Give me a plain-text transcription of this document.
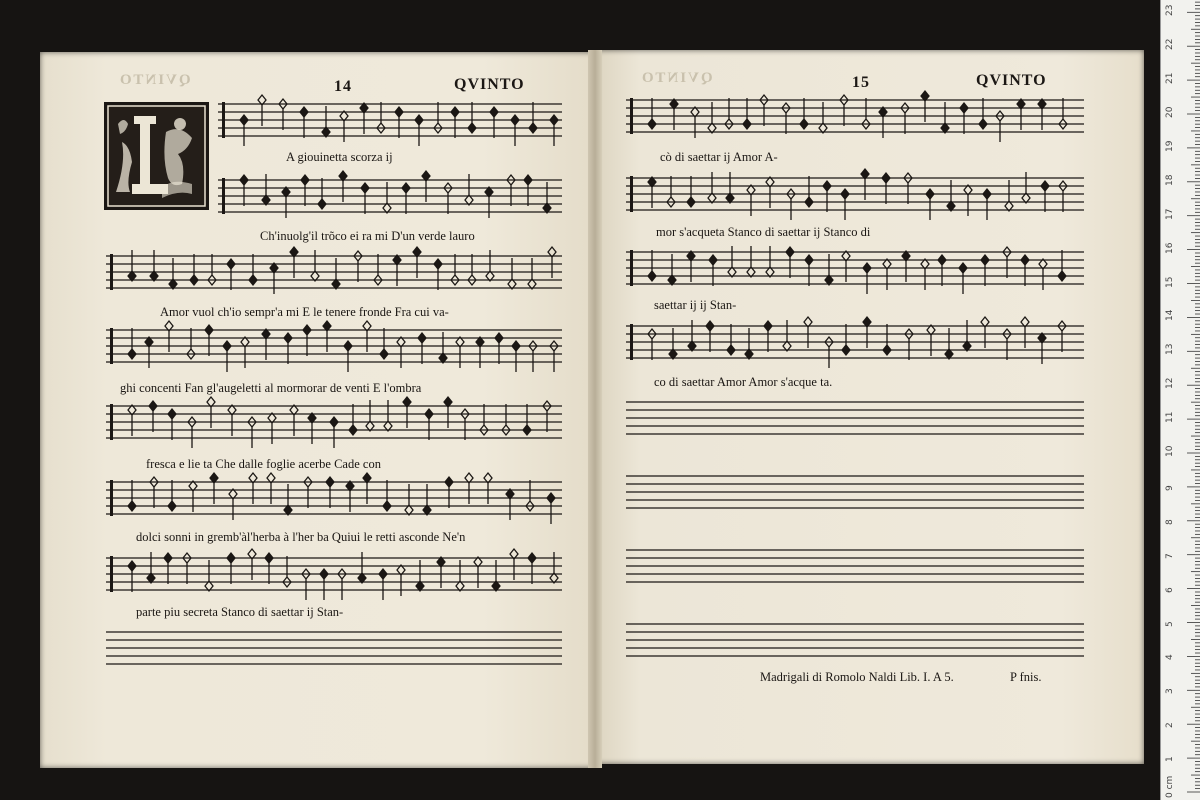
QVINTO	QVINTO
14	QVINTO	15	QVINTO
A giouinetta scorza ij
Ch'inuolg'il trõco ei ra mi D'un verde lauro
Amor vuol ch'io sempr'a mi E le tenere fronde Fra cui va-
ghi concenti Fan gl'augeletti al mormorar de venti E l'ombra
fresca e lie ta Che dalle foglie acerbe Cade con
dolci sonni in gremb'àl'herba à l'her ba Quiui le retti asconde Ne'n
parte piu secreta Stanco di saettar ij Stan-
cò di saettar ij Amor A-
mor s'acqueta Stanco di saettar ij Stanco di
saettar ij ij Stan-
co di saettar Amor Amor s'acque ta.
Madrigali di Romolo Naldi Lib. I. A 5.	P fnis.
0 cm
1
2
3
4
5
6
7
8
9
10
11
12
13
14
15
16
17
18
19
20
21
22
23
